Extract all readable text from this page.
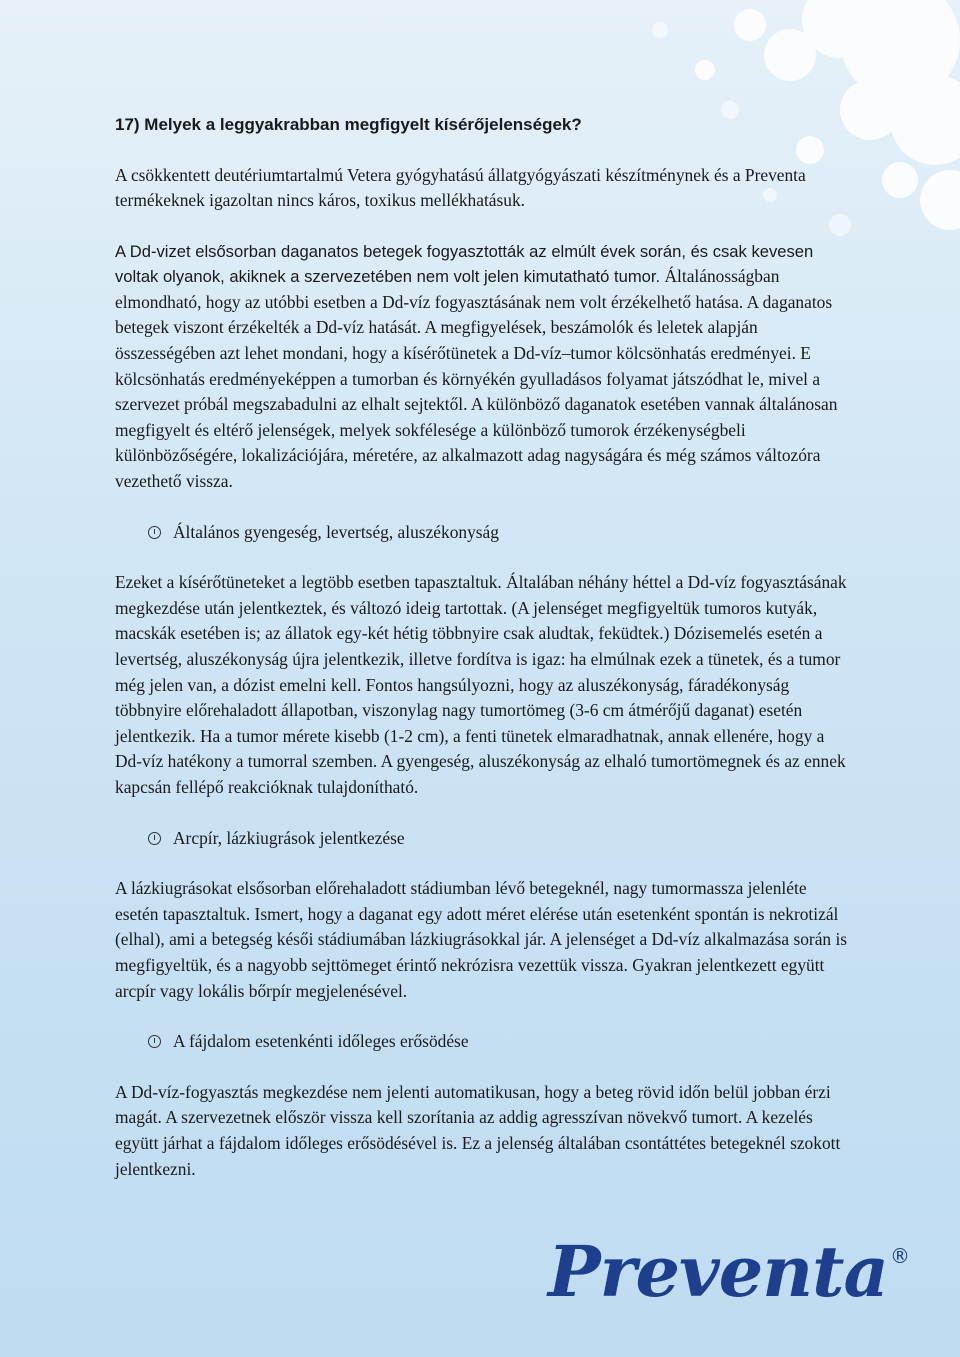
17) Melyek a leggyakrabban megfigyelt kísérőjelenségek?

A csökkentett deutériumtartalmú Vetera gyógyhatású állatgyógyászati készítménynek és a Preventa termékeknek igazoltan nincs káros, toxikus mellékhatásuk.

A Dd-vizet elsősorban daganatos betegek fogyasztották az elmúlt évek során, és csak kevesen voltak olyanok, akiknek a szervezetében nem volt jelen kimutatható tumor. Általánosságban elmondható, hogy az utóbbi esetben a Dd-víz fogyasztásának nem volt érzékelhető hatása. A daganatos betegek viszont érzékelték a Dd-víz hatását. A megfigyelések, beszámolók és leletek alapján összességében azt lehet mondani, hogy a kísérőtünetek a Dd-víz–tumor kölcsönhatás eredményei. E kölcsönhatás eredményeképpen a tumorban és környékén gyulladásos folyamat játszódhat le, mivel a szervezet próbál megszabadulni az elhalt sejtektől. A különböző daganatok esetében vannak általánosan megfigyelt és eltérő jelenségek, melyek sokfélesége a különböző tumorok érzékenységbeli különbözőségére, lokalizációjára, méretére, az alkalmazott adag nagyságára és még számos változóra vezethető vissza.

Általános gyengeség, levertség, aluszékonyság

Ezeket a kísérőtüneteket a legtöbb esetben tapasztaltuk. Általában néhány héttel a Dd-víz fogyasztásának megkezdése után jelentkeztek, és változó ideig tartottak. (A jelenséget megfigyeltük tumoros kutyák, macskák esetében is; az állatok egy-két hétig többnyire csak aludtak, feküdtek.) Dózisemelés esetén a levertség, aluszékonyság újra jelentkezik, illetve fordítva is igaz: ha elmúlnak ezek a tünetek, és a tumor még jelen van, a dózist emelni kell. Fontos hangsúlyozni, hogy az aluszékonyság, fáradékonyság többnyire előrehaladott állapotban, viszonylag nagy tumortömeg (3-6 cm átmérőjű daganat) esetén jelentkezik. Ha a tumor mérete kisebb (1-2 cm), a fenti tünetek elmaradhatnak, annak ellenére, hogy a Dd-víz hatékony a tumorral szemben. A gyengeség, aluszékonyság az elhaló tumortömegnek és az ennek kapcsán fellépő reakcióknak tulajdonítható.

Arcpír, lázkiugrások jelentkezése

A lázkiugrásokat elsősorban előrehaladott stádiumban lévő betegeknél, nagy tumormassza jelenléte esetén tapasztaltuk. Ismert, hogy a daganat egy adott méret elérése után esetenként spontán is nekrotizál (elhal), ami a betegség késői stádiumában lázkiugrásokkal jár. A jelenséget a Dd-víz alkalmazása során is megfigyeltük, és a nagyobb sejttömeget érintő nekrózisra vezettük vissza. Gyakran jelentkezett együtt arcpír vagy lokális bőrpír megjelenésével.

A fájdalom esetenkénti időleges erősödése

A Dd-víz-fogyasztás megkezdése nem jelenti automatikusan, hogy a beteg rövid időn belül jobban érzi magát. A szervezetnek először vissza kell szorítania az addig agresszívan növekvő tumort. A kezelés együtt járhat a fájdalom időleges erősödésével is. Ez a jelenség általában csontáttétes betegeknél szokott jelentkezni.

Preventa ®
